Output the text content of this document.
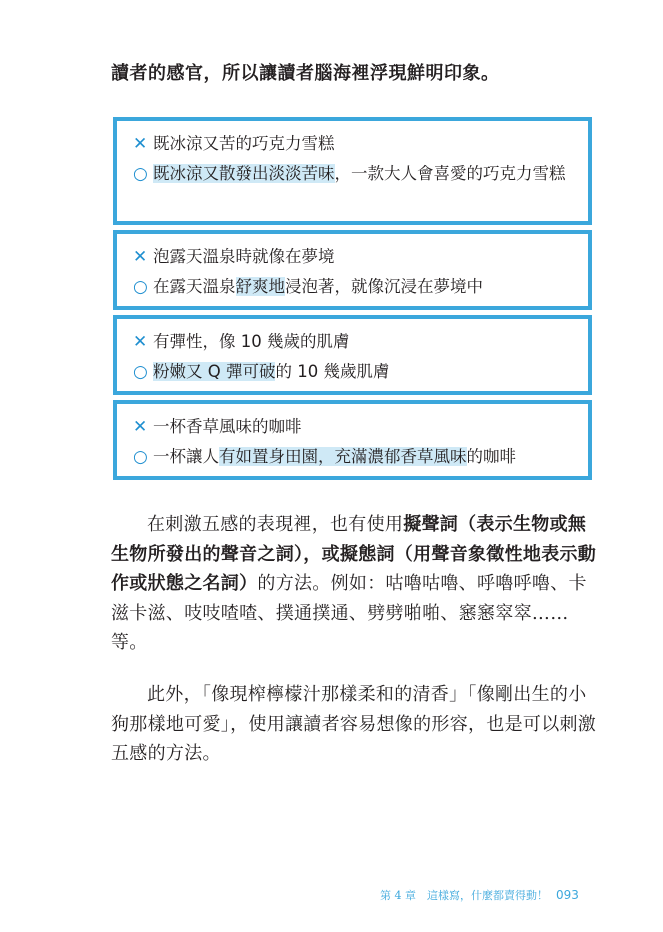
讀者的感官，所以讓讀者腦海裡浮現鮮明印象。
✕ 既冰涼又苦的巧克力雪糕
○ 既冰涼又散發出淡淡苦味，一款大人會喜愛的巧克力雪糕
✕ 泡露天溫泉時就像在夢境
○ 在露天溫泉舒爽地浸泡著，就像沉浸在夢境中
✕ 有彈性，像 10 幾歲的肌膚
○ 粉嫩又 Q 彈可破的 10 幾歲肌膚
✕ 一杯香草風味的咖啡
○ 一杯讓人有如置身田園，充滿濃郁香草風味的咖啡
在刺激五感的表現裡，也有使用擬聲詞（表示生物或無生物所發出的聲音之詞），或擬態詞（用聲音象徵性地表示動作或狀態之名詞）的方法。例如：咕嚕咕嚕、呼嚕呼嚕、卡滋卡滋、吱吱喳喳、撲通撲通、劈劈啪啪、窸窸窣窣……等。
此外，「像現榨檸檬汁那樣柔和的清香」「像剛出生的小狗那樣地可愛」，使用讓讀者容易想像的形容，也是可以刺激五感的方法。
第 4 章　這樣寫，什麼都賣得動！ 093
